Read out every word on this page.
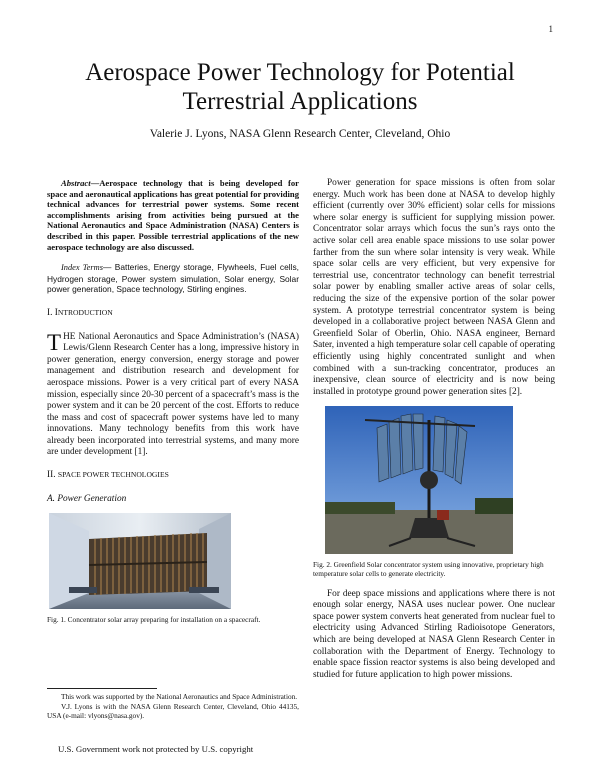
1
Aerospace Power Technology for Potential
Terrestrial Applications
Valerie J. Lyons, NASA Glenn Research Center, Cleveland, Ohio

Abstract—Aerospace technology that is being developed for space and aeronautical applications has great potential for providing technical advances for terrestrial power systems. Some recent accomplishments arising from activities being pursued at the National Aeronautics and Space Administration (NASA) Centers is described in this paper. Possible terrestrial applications of the new aerospace technology are also discussed.

Index Terms— Batteries, Energy storage, Flywheels, Fuel cells, Hydrogen storage, Power system simulation, Solar energy, Solar power generation, Space technology, Stirling engines.

I. INTRODUCTION

THE National Aeronautics and Space Administration’s (NASA) Lewis/Glenn Research Center has a long, impressive history in power generation, energy conversion, energy storage and power management and distribution research and development for aerospace missions. Power is a very critical part of every NASA mission, especially since 20-30 percent of a spacecraft’s mass is the power system and it can be 20 percent of the cost. Efforts to reduce the mass and cost of spacecraft power systems have led to many innovations. Many technology benefits from this work have already been incorporated into terrestrial systems, and many more are under development [1].

II. SPACE POWER TECHNOLOGIES
A. Power Generation
Fig. 1. Concentrator solar array preparing for installation on a spacecraft.

This work was supported by the National Aeronautics and Space Administration.

V.J. Lyons is with the NASA Glenn Research Center, Cleveland, Ohio 44135, USA (e-mail: vlyons@nasa.gov).

U.S. Government work not protected by U.S. copyright

Power generation for space missions is often from solar energy. Much work has been done at NASA to develop highly efficient (currently over 30% efficient) solar cells for missions where solar energy is sufficient for supplying mission power. Concentrator solar arrays which focus the sun’s rays onto the active solar cell area enable space missions to use solar power farther from the sun where solar intensity is very weak. While space solar cells are very efficient, but very expensive for terrestrial use, concentrator technology can benefit terrestrial solar power by enabling smaller active areas of solar cells, reducing the size of the expensive portion of the solar power system. A prototype terrestrial concentrator system is being developed in a collaborative project between NASA Glenn and Greenfield Solar of Oberlin, Ohio. NASA engineer, Bernard Sater, invented a high temperature solar cell capable of operating efficiently using highly concentrated sunlight and when combined with a sun-tracking concentrator, produces an inexpensive, clean source of electricity and is now being installed in prototype ground power generation sites [2].

Fig. 2. Greenfield Solar concentrator system using innovative, proprietary high temperature solar cells to generate electricity.

For deep space missions and applications where there is not enough solar energy, NASA uses nuclear power. One nuclear space power system converts heat generated from nuclear fuel to electricity using Advanced Stirling Radioisotope Generators, which are being developed at NASA Glenn Research Center in collaboration with the Department of Energy. Technology to enable space fission reactor systems is also being developed and studied for future application to high power missions.
